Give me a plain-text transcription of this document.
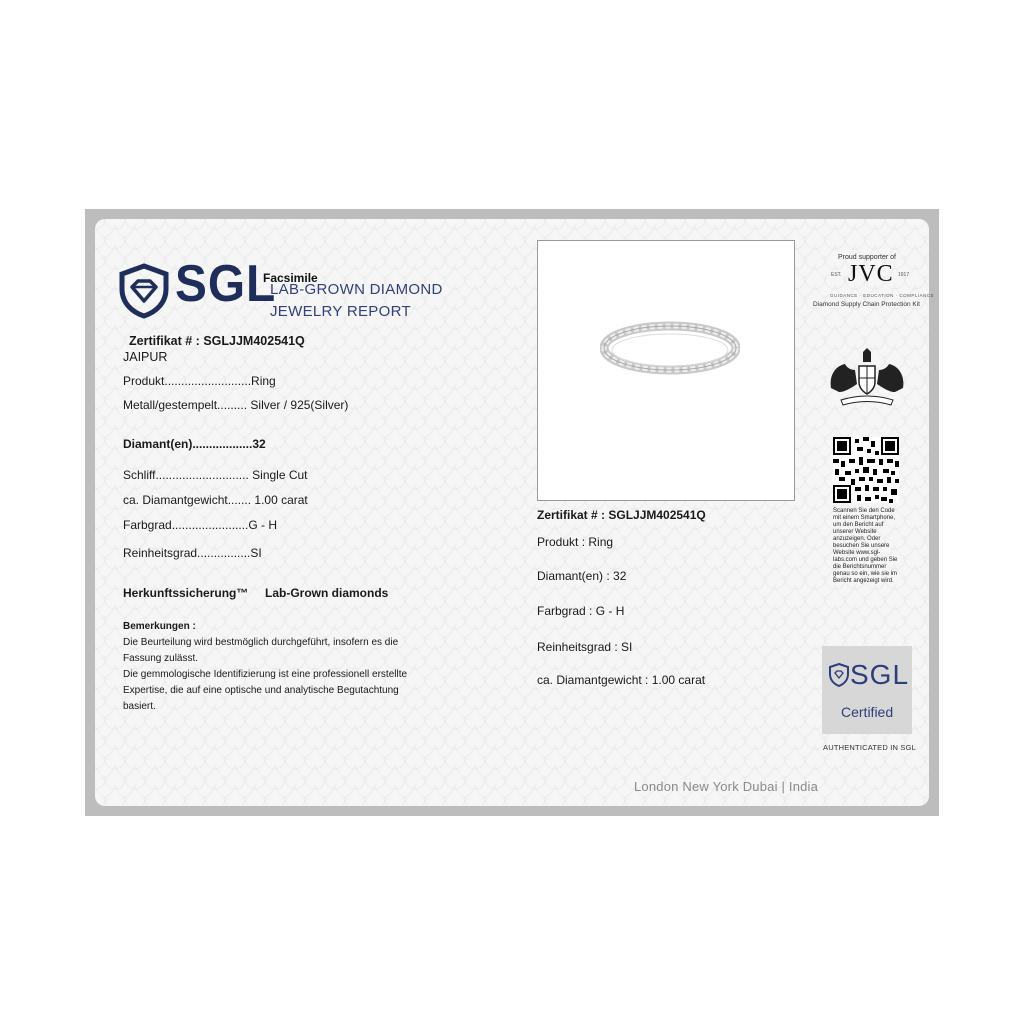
SGL
Facsimile
LAB-GROWN DIAMOND
JEWELRY REPORT
Zertifikat # : SGLJJM402541Q
JAIPUR
Produkt..........................Ring
Metall/gestempelt......... Silver / 925(Silver)
Diamant(en)..................32
Schliff............................ Single Cut
ca. Diamantgewicht....... 1.00 carat
Farbgrad.......................G - H
Reinheitsgrad................SI
Herkunftssicherung™ Lab-Grown diamonds
Bemerkungen :
Die Beurteilung wird bestmöglich durchgeführt, insofern es die
Fassung zulässt.
Die gemmologische Identifizierung ist eine professionell erstellte
Expertise, die auf eine optische und analytische Begutachtung
basiert.
Zertifikat # : SGLJJM402541Q
Produkt : Ring
Diamant(en) : 32
Farbgrad : G - H
Reinheitsgrad : SI
ca. Diamantgewicht : 1.00 carat
Proud supporter of
JVC
EST.	1917
GUIDANCE · EDUCATION · COMPLIANCE
Diamond Supply Chain Protection Kit
Scannen Sie den Code mit einem Smartphone, um den Bericht auf unserer Website anzuzeigen. Oder besuchen Sie unsere Website www.sgl-labs.com und geben Sie die Berichtsnummer genau so ein, wie sie im Bericht angezeigt wird.
SGL
Certified
AUTHENTICATED IN SGL
London New York Dubai | India
